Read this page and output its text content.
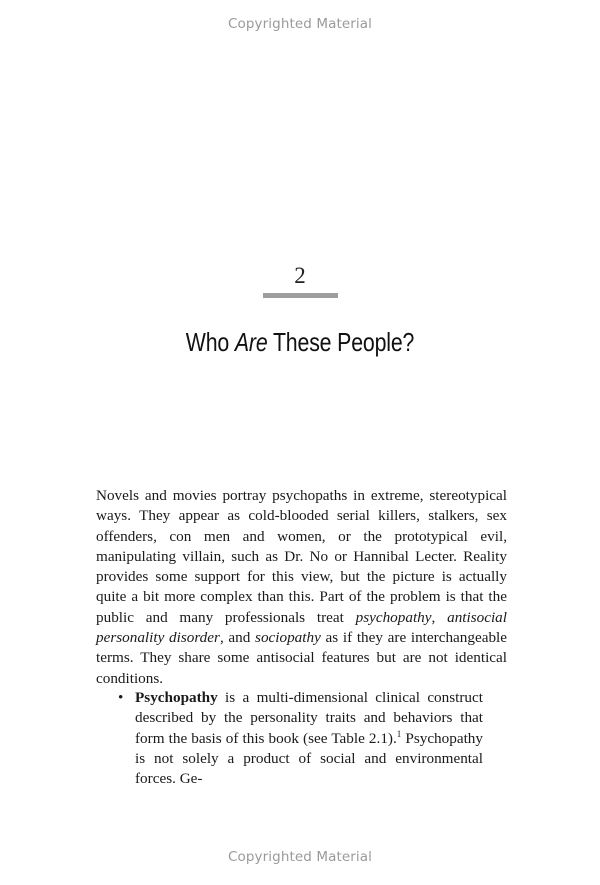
Copyrighted Material
2
Who Are These People?

Novels and movies portray psychopaths in extreme, stereotypical ways. They appear as cold-blooded serial killers, stalkers, sex offenders, con men and women, or the prototypical evil, manipulating villain, such as Dr. No or Hannibal Lecter. Reality provides some support for this view, but the picture is actually quite a bit more complex than this. Part of the problem is that the public and many professionals treat psychopathy, antisocial personality disorder, and sociopathy as if they are interchangeable terms. They share some antisocial features but are not identical conditions.

• Psychopathy is a multi-dimensional clinical construct described by the personality traits and behaviors that form the basis of this book (see Table 2.1).$^1$ Psychopathy is not solely a product of social and environmental forces. Ge-
Copyrighted Material
